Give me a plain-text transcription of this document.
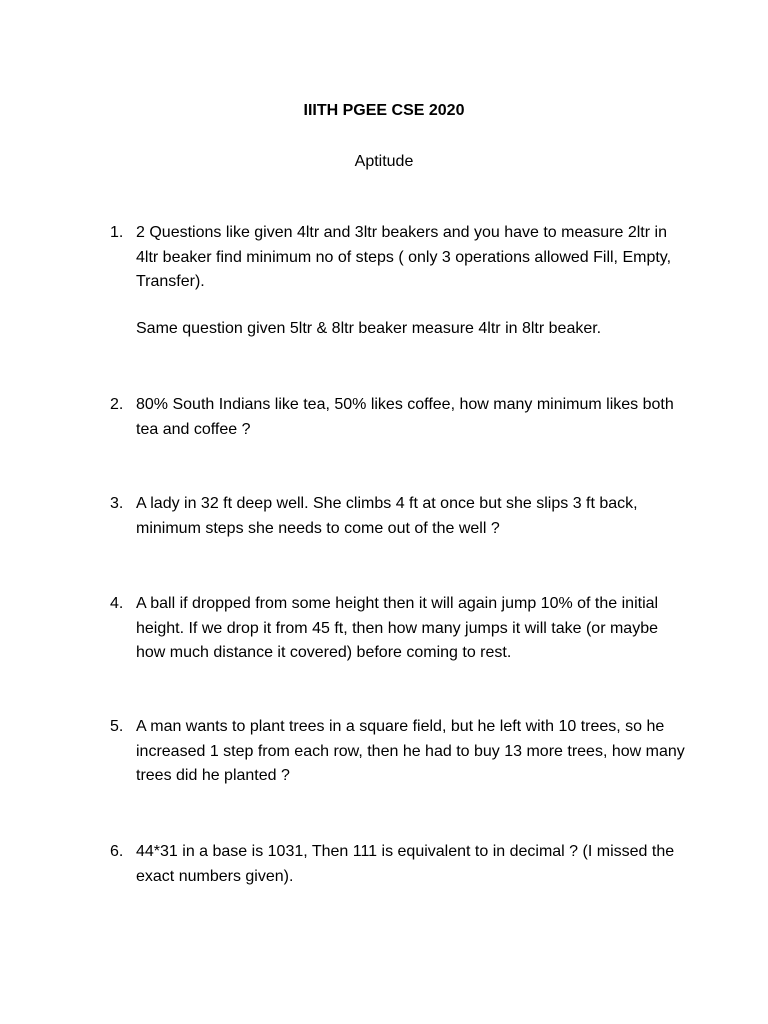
IIITH PGEE CSE 2020
Aptitude
1. 2 Questions like given 4ltr and 3ltr beakers and you have to measure 2ltr in 4ltr beaker find minimum no of steps ( only 3 operations allowed Fill, Empty, Transfer).
Same question given 5ltr & 8ltr beaker measure 4ltr in 8ltr beaker.
2. 80% South Indians like tea, 50% likes coffee, how many minimum likes both tea and coffee ?
3. A lady in 32 ft deep well. She climbs 4 ft at once but she slips 3 ft back, minimum steps she needs to come out of the well ?
4. A ball if dropped from some height then it will again jump 10% of the initial height. If we drop it from 45 ft, then how many jumps it will take (or maybe how much distance it covered) before coming to rest.
5. A man wants to plant trees in a square field, but he left with 10 trees, so he increased 1 step from each row, then he had to buy 13 more trees, how many trees did he planted ?
6. 44*31 in a base is 1031, Then 111 is equivalent to in decimal ? (I missed the exact numbers given).
